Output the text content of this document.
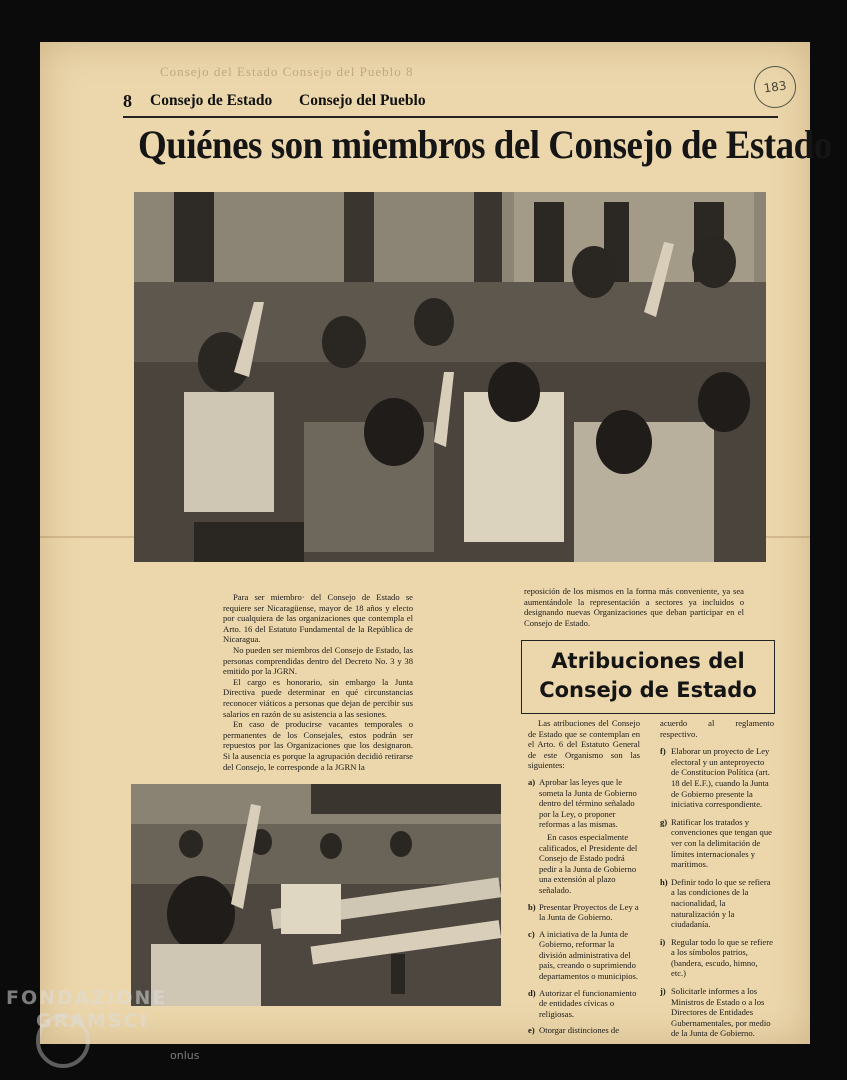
Consejo del Estado Consejo del Pueblo 8
8 Consejo de Estado Consejo del Pueblo
183
Quiénes son miembros del Consejo de Estado

Para ser miembro· del Consejo de Estado se requiere ser Nicaragüense, mayor de 18 años y electo por cualquiera de las organizaciones que contempla el Arto. 16 del Estatuto Fundamental de la República de Nicaragua.

No pueden ser miembros del Consejo de Estado, las personas comprendidas dentro del Decreto No. 3 y 38 emitido por la JGRN.

El cargo es honorario, sin embargo la Junta Directiva puede determinar en qué circunstancias reconocer viáticos a personas que dejan de percibir sus salarios en razón de su asistencia a las sesiones.

En caso de producirse vacantes temporales o permanentes de los Consejales, estos podrán ser repuestos por las Organizaciones que los designaron. Si la ausencia es porque la agrupación decidió retirarse del Consejo, le corresponde a la JGRN la

reposición de los mismos en la forma más conveniente, ya sea aumentándole la representación a sectores ya incluidos o designando nuevas Organizaciones que deban participar en el Consejo de Estado.

Atribuciones del
Consejo de Estado

Las atribuciones del Consejo de Estado que se contemplan en el Arto. 6 del Estatuto General de este Organismo son las siguientes:

a) Aprobar las leyes que le someta la Junta de Gobierno dentro del término señalado por la Ley, o proponer reformas a las mismas.
En casos especialmente calificados, el Presidente del Consejo de Estado podrá pedir a la Junta de Gobierno una extensión al plazo señalado.
b) Presentar Proyectos de Ley a la Junta de Gobierno.
c) A iniciativa de la Junta de Gobierno, reformar la división administrativa del país, creando o suprimiendo departamentos o municipios.
d) Autorizar el funcionamiento de entidades cívicas o religiosas.
e) Otorgar distinciones de

acuerdo al reglamento respectivo.

f) Elaborar un proyecto de Ley electoral y un anteproyecto de Constitucion Política (art. 18 del E.F.), cuando la Junta de Gobierno presente la iniciativa correspondiente.
g) Ratificar los tratados y convenciones que tengan que ver con la delimitación de límites internacionales y marítimos.
h) Definir todo lo que se refiera a las condiciones de la nacionalidad, la naturalización y la ciudadanía.
i) Regular todo lo que se refiere a los símbolos patrios, (bandera, escudo, himno, etc.)
j) Solicitarle informes a los Ministros de Estado o a los Directores de Entidades Gubernamentales, por medio de la Junta de Gobierno.
FONDAZIONE
GRAMSCI
onlus
